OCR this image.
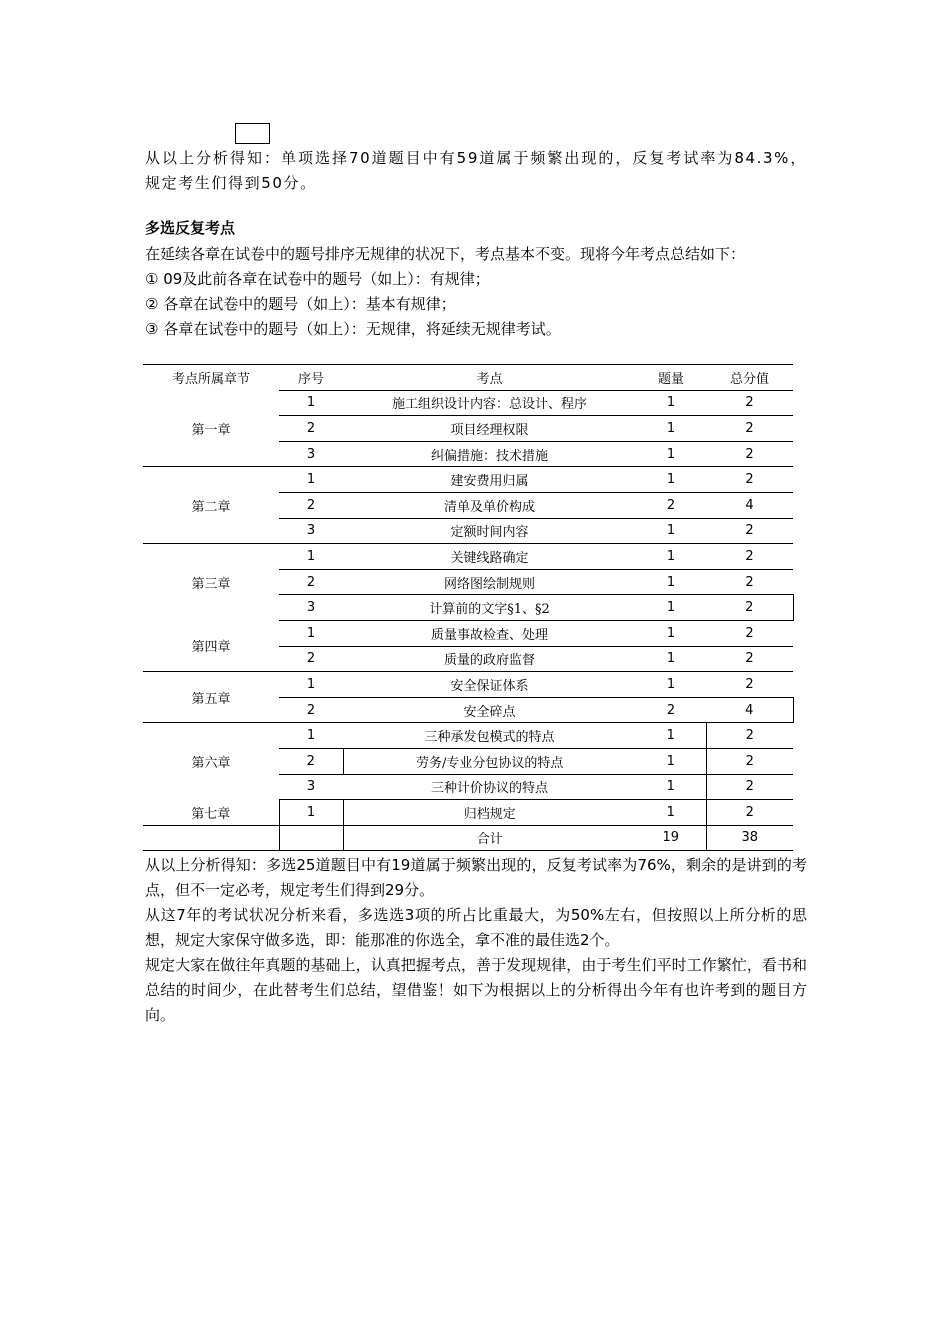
从以上分析得知：单项选择70道题目中有59道属于频繁出现的，反复考试率为84.3%，规定考生们得到50分。

多选反复考点

在延续各章在试卷中的题号排序无规律的状况下，考点基本不变。现将今年考点总结如下：
① 09及此前各章在试卷中的题号（如上）：有规律；
② 各章在试卷中的题号（如上）：基本有规律；
③ 各章在试卷中的题号（如上）：无规律，将延续无规律考试。
考点所属章节	序号	考点	题量	总分值
第一章	1	施工组织设计内容：总设计、程序	1	2
	2	项目经理权限	1	2
	3	纠偏措施：技术措施	1	2
第二章	1	建安费用归属	1	2
	2	清单及单价构成	2	4
	3	定额时间内容	1	2
第三章	1	关键线路确定	1	2
	2	网络图绘制规则	1	2
	3	计算前的文字§1、§2	1	2
第四章	1	质量事故检查、处理	1	2
	2	质量的政府监督	1	2
第五章	1	安全保证体系	1	2
	2	安全碎点	2	4
第六章	1	三种承发包模式的特点	1	2
	2	劳务/专业分包协议的特点	1	2
	3	三种计价协议的特点	1	2
第七章	1	归档规定	1	2
		合计	19	38
从以上分析得知：多选25道题目中有19道属于频繁出现的，反复考试率为76%，剩余的是讲到的考点，但不一定必考，规定考生们得到29分。
从这7年的考试状况分析来看，多选选3项的所占比重最大，为50%左右，但按照以上所分析的思想，规定大家保守做多选，即：能那准的你选全，拿不准的最佳选2个。
规定大家在做往年真题的基础上，认真把握考点，善于发现规律，由于考生们平时工作繁忙，看书和总结的时间少，在此替考生们总结，望借鉴！如下为根据以上的分析得出今年有也许考到的题目方向。
